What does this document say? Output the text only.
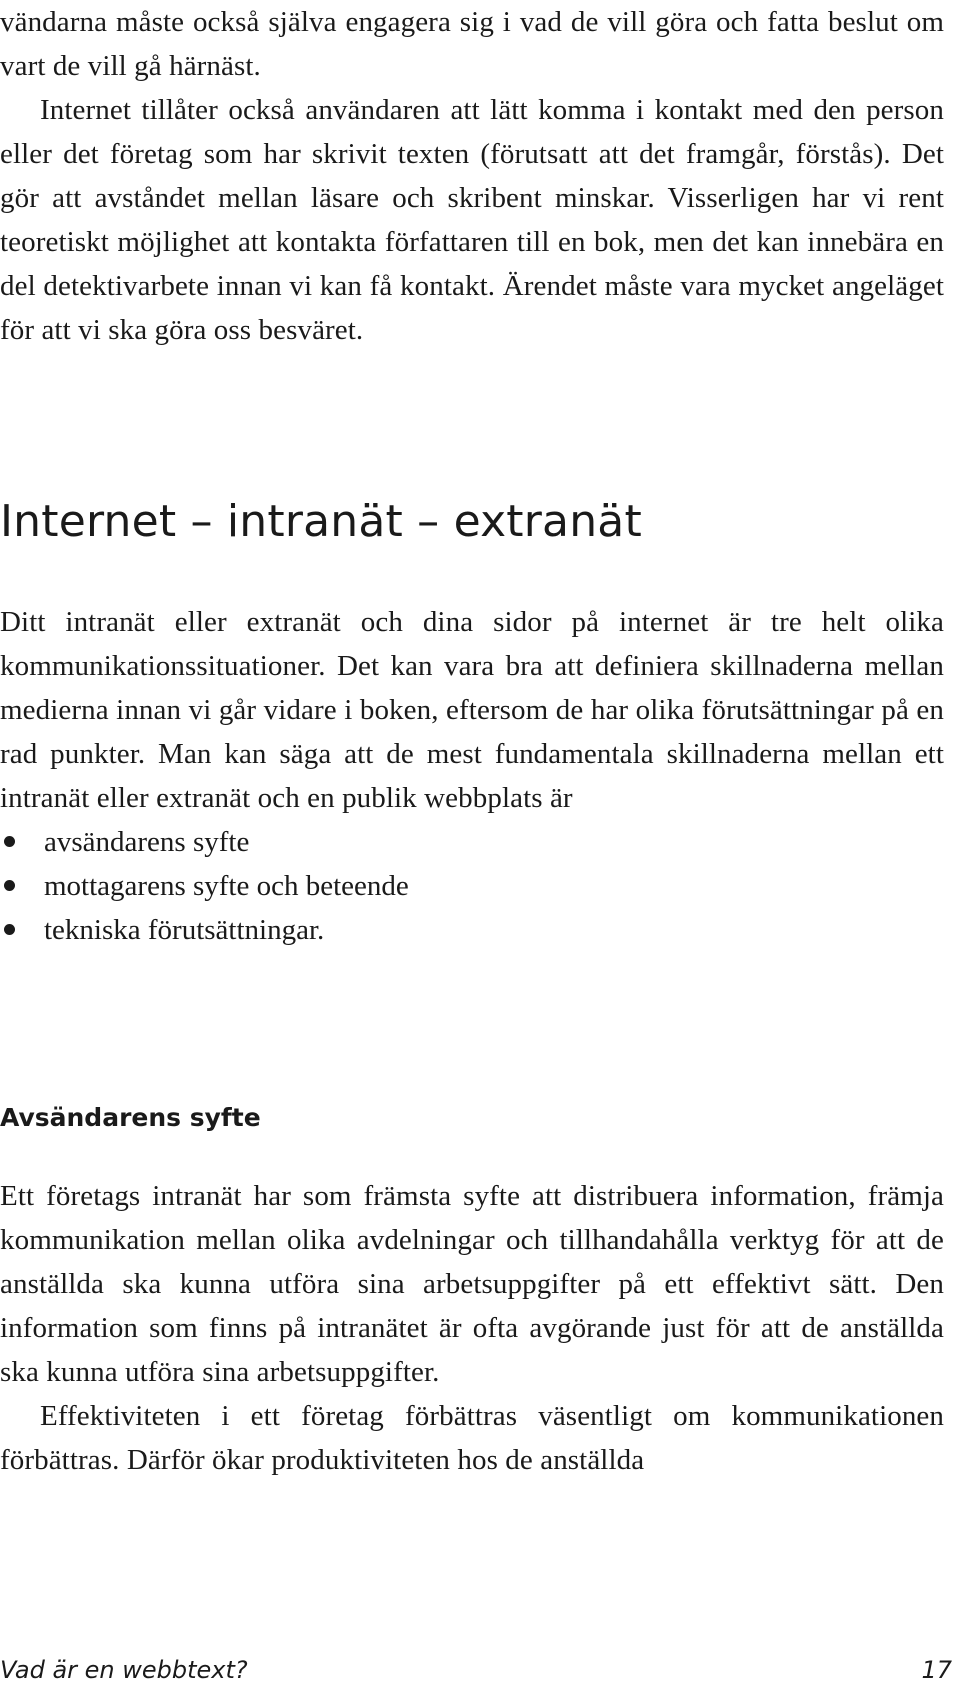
vändarna måste också själva engagera sig i vad de vill göra och fatta beslut om vart de vill gå härnäst.

Internet tillåter också användaren att lätt komma i kontakt med den person eller det företag som har skrivit texten (förutsatt att det framgår, förstås). Det gör att avståndet mellan läsare och skribent minskar. Visserligen har vi rent teoretiskt möjlighet att kontakta författaren till en bok, men det kan innebära en del detektivarbete innan vi kan få kontakt. Ärendet måste vara mycket angeläget för att vi ska göra oss besväret.

Internet – intranät – extranät

Ditt intranät eller extranät och dina sidor på internet är tre helt olika kommunikationssituationer. Det kan vara bra att definiera skillnaderna mellan medierna innan vi går vidare i boken, eftersom de har olika förutsättningar på en rad punkter. Man kan säga att de mest fundamentala skillnaderna mellan ett intranät eller extranät och en publik webbplats är

avsändarens syfte
mottagarens syfte och beteende
tekniska förutsättningar.
Avsändarens syfte

Ett företags intranät har som främsta syfte att distribuera information, främja kommunikation mellan olika avdelningar och tillhandahålla verktyg för att de anställda ska kunna utföra sina arbetsuppgifter på ett effektivt sätt. Den information som finns på intranätet är ofta avgörande just för att de anställda ska kunna utföra sina arbetsuppgifter.

Effektiviteten i ett företag förbättras väsentligt om kommunikationen förbättras. Därför ökar produktiviteten hos de anställda

Vad är en webbtext?	17
